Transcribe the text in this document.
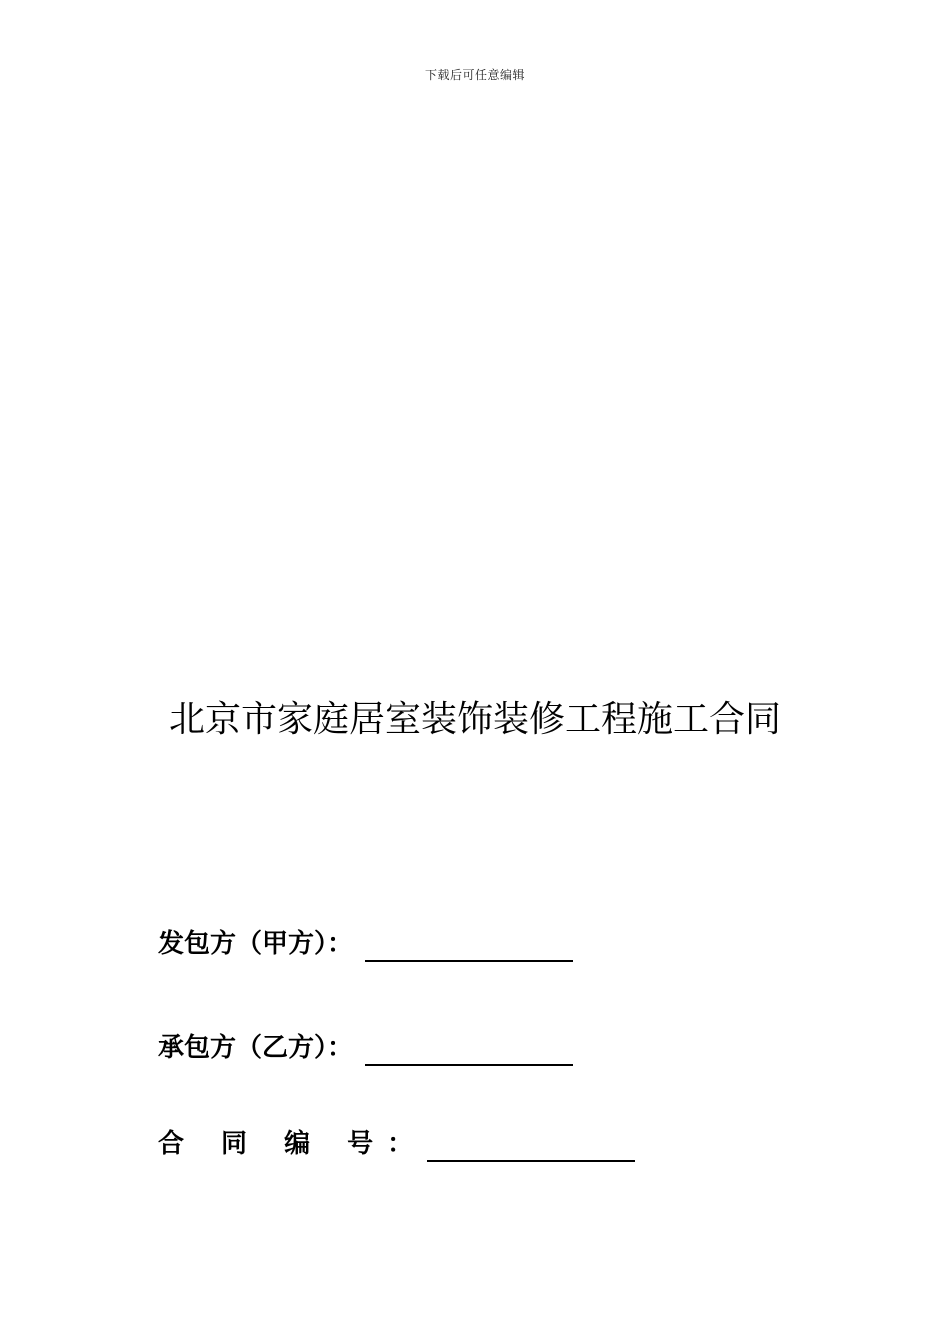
下载后可任意编辑
北京市家庭居室装饰装修工程施工合同
发包方（甲方）：
承包方（乙方）：
合 同 编 号：
